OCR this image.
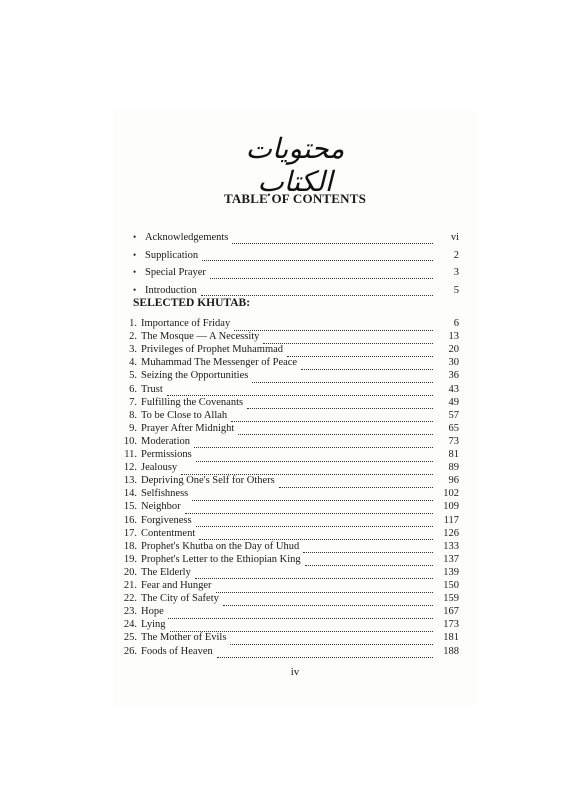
محتويات الكتاب
TABLE OF CONTENTS
• Acknowledgements	vi
• Supplication	2
• Special Prayer	3
• Introduction	5
SELECTED KHUTAB:
1. Importance of Friday	6
2. The Mosque — A Necessity	13
3. Privileges of Prophet Muhammad	20
4. Muhammad The Messenger of Peace	30
5. Seizing the Opportunities	36
6. Trust	43
7. Fulfilling the Covenants	49
8. To be Close to Allah	57
9. Prayer After Midnight	65
10. Moderation	73
11. Permissions	81
12. Jealousy	89
13. Depriving One's Self for Others	96
14. Selfishness	102
15. Neighbor	109
16. Forgiveness	117
17. Contentment	126
18. Prophet's Khutba on the Day of Uhud	133
19. Prophet's Letter to the Ethiopian King	137
20. The Elderly	139
21. Fear and Hunger	150
22. The City of Safety	159
23. Hope	167
24. Lying	173
25. The Mother of Evils	181
26. Foods of Heaven	188
iv
